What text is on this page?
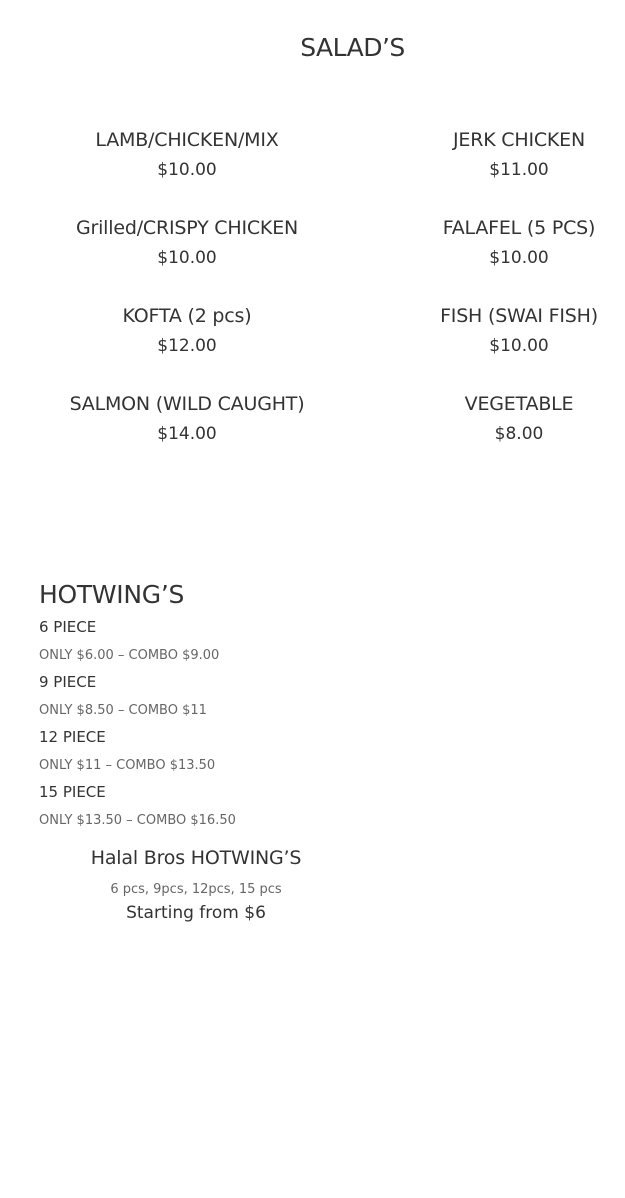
SALAD’S
LAMB/CHICKEN/MIX
$10.00
Grilled/CRISPY CHICKEN
$10.00
KOFTA (2 pcs)
$12.00
SALMON (WILD CAUGHT)
$14.00
JERK CHICKEN
$11.00
FALAFEL (5 PCS)
$10.00
FISH (SWAI FISH)
$10.00
VEGETABLE
$8.00
HOTWING’S
6 PIECE
ONLY $6.00 – COMBO $9.00
9 PIECE
ONLY $8.50 – COMBO $11
12 PIECE
ONLY $11 – COMBO $13.50
15 PIECE
ONLY $13.50 – COMBO $16.50
Halal Bros HOTWING’S
6 pcs, 9pcs, 12pcs, 15 pcs
Starting from $6
